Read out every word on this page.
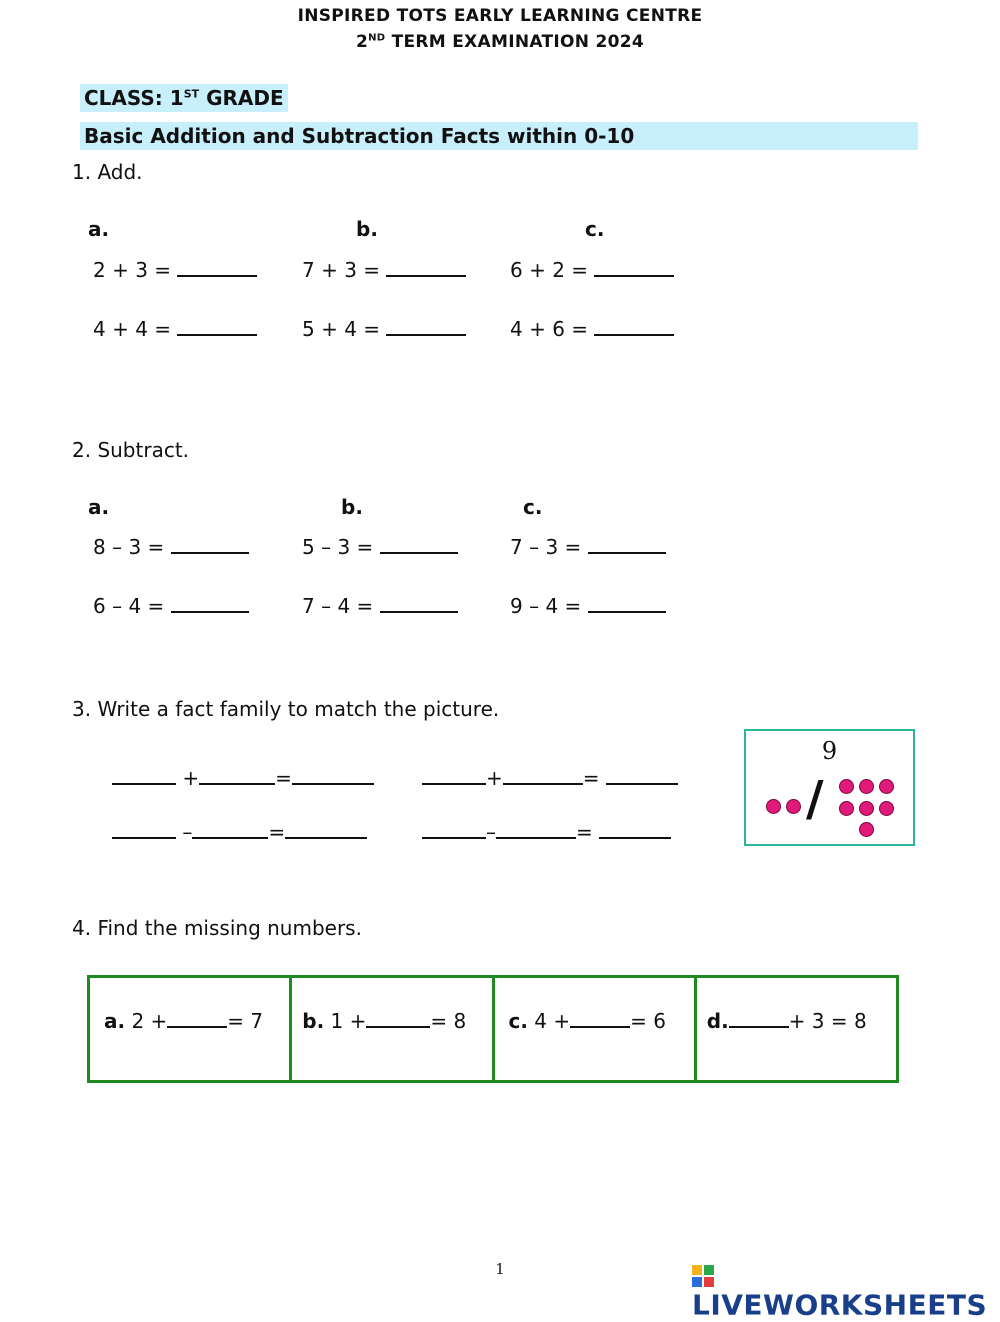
INSPIRED TOTS EARLY LEARNING CENTRE
2ND TERM EXAMINATION 2024
CLASS: 1ST GRADE
Basic Addition and Subtraction Facts within 0-10
1. Add.
a.	b.	c.
2 + 3 =	7 + 3 =	6 + 2 =
4 + 4 =	5 + 4 =	4 + 6 =
2. Subtract.
a.	b.	c.
8 – 3 =	5 – 3 =	7 – 3 =
6 – 4 =	7 – 4 =	9 – 4 =
3. Write a fact family to match the picture.
+	=	+	=
–	=	–	=
9
/
4. Find the missing numbers.
a. 2 +	= 7 b. 1 +	= 8 c. 4 +	= 6 d.	+ 3 = 8
1
LIVEWORKSHEETS
